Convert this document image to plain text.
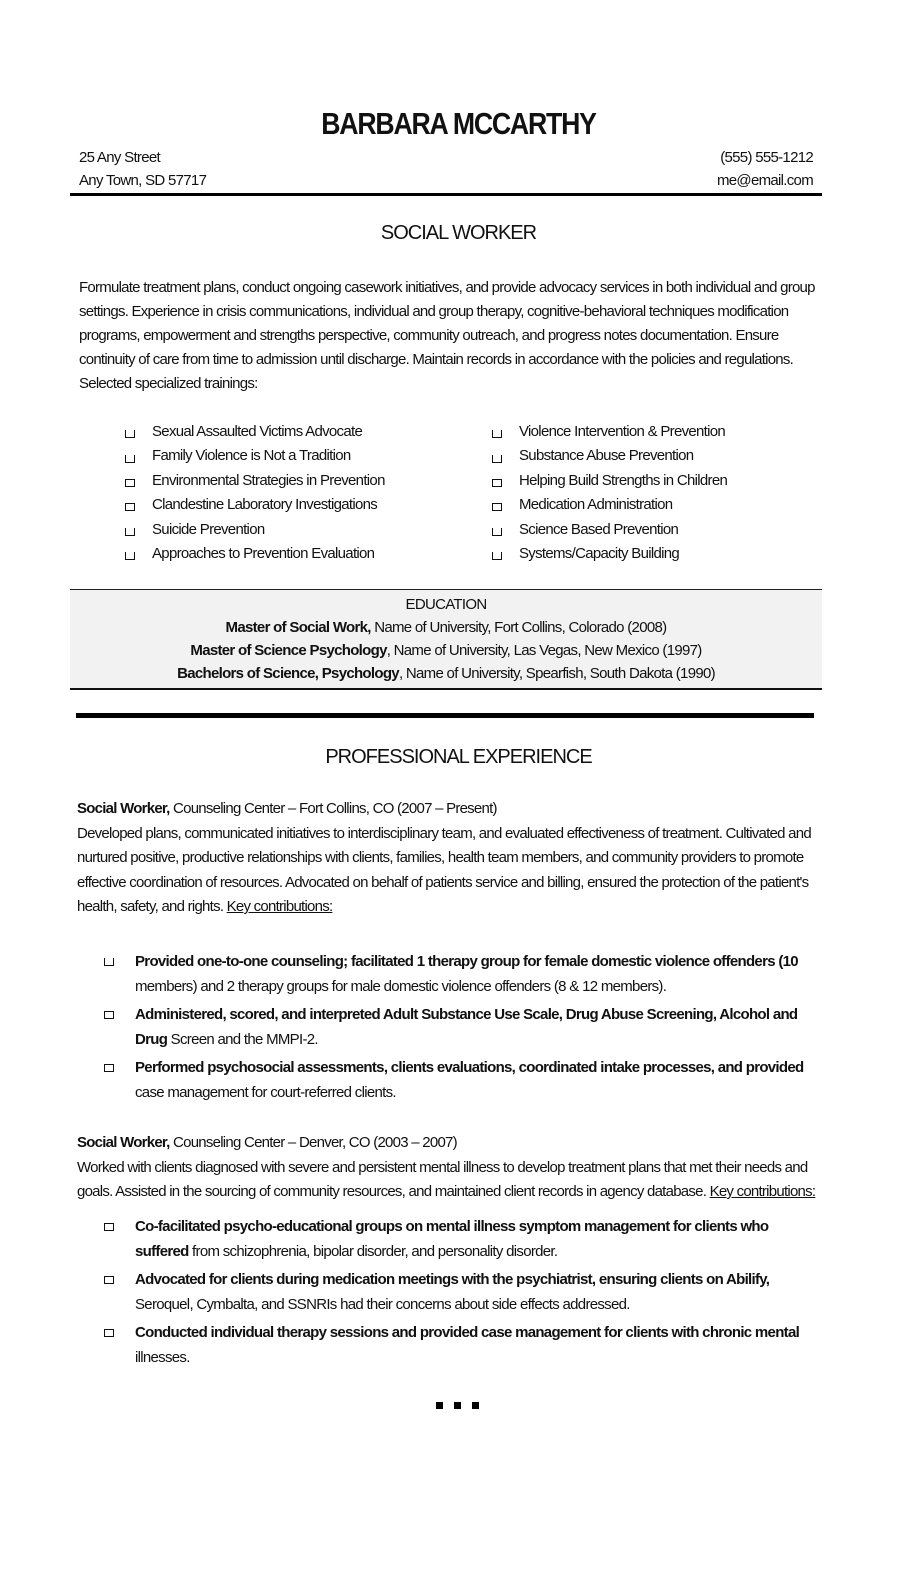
BARBARA MCCARTHY
25 Any Street
Any Town, SD 57717
(555) 555-1212
me@email.com
SOCIAL WORKER
Formulate treatment plans, conduct ongoing casework initiatives, and provide advocacy services in both individual and group settings. Experience in crisis communications, individual and group therapy, cognitive-behavioral techniques modification programs, empowerment and strengths perspective, community outreach, and progress notes documentation. Ensure continuity of care from time to admission until discharge. Maintain records in accordance with the policies and regulations. Selected specialized trainings:
Sexual Assaulted Victims Advocate
Family Violence is Not a Tradition
Environmental Strategies in Prevention
Clandestine Laboratory Investigations
Suicide Prevention
Approaches to Prevention Evaluation
Violence Intervention & Prevention
Substance Abuse Prevention
Helping Build Strengths in Children
Medication Administration
Science Based Prevention
Systems/Capacity Building
EDUCATION
Master of Social Work, Name of University, Fort Collins, Colorado (2008)
Master of Science Psychology, Name of University, Las Vegas, New Mexico (1997)
Bachelors of Science, Psychology, Name of University, Spearfish, South Dakota (1990)
PROFESSIONAL EXPERIENCE
Social Worker, Counseling Center – Fort Collins, CO (2007 – Present)
Developed plans, communicated initiatives to interdisciplinary team, and evaluated effectiveness of treatment. Cultivated and nurtured positive, productive relationships with clients, families, health team members, and community providers to promote effective coordination of resources. Advocated on behalf of patients service and billing, ensured the protection of the patient's health, safety, and rights. Key contributions:
Provided one-to-one counseling; facilitated 1 therapy group for female domestic violence offenders (10 members) and 2 therapy groups for male domestic violence offenders (8 & 12 members).
Administered, scored, and interpreted Adult Substance Use Scale, Drug Abuse Screening, Alcohol and Drug Screen and the MMPI-2.
Performed psychosocial assessments, clients evaluations, coordinated intake processes, and provided case management for court-referred clients.
Social Worker, Counseling Center – Denver, CO (2003 – 2007)
Worked with clients diagnosed with severe and persistent mental illness to develop treatment plans that met their needs and goals. Assisted in the sourcing of community resources, and maintained client records in agency database. Key contributions:
Co-facilitated psycho-educational groups on mental illness symptom management for clients who suffered from schizophrenia, bipolar disorder, and personality disorder.
Advocated for clients during medication meetings with the psychiatrist, ensuring clients on Abilify, Seroquel, Cymbalta, and SSNRIs had their concerns about side effects addressed.
Conducted individual therapy sessions and provided case management for clients with chronic mental illnesses.
